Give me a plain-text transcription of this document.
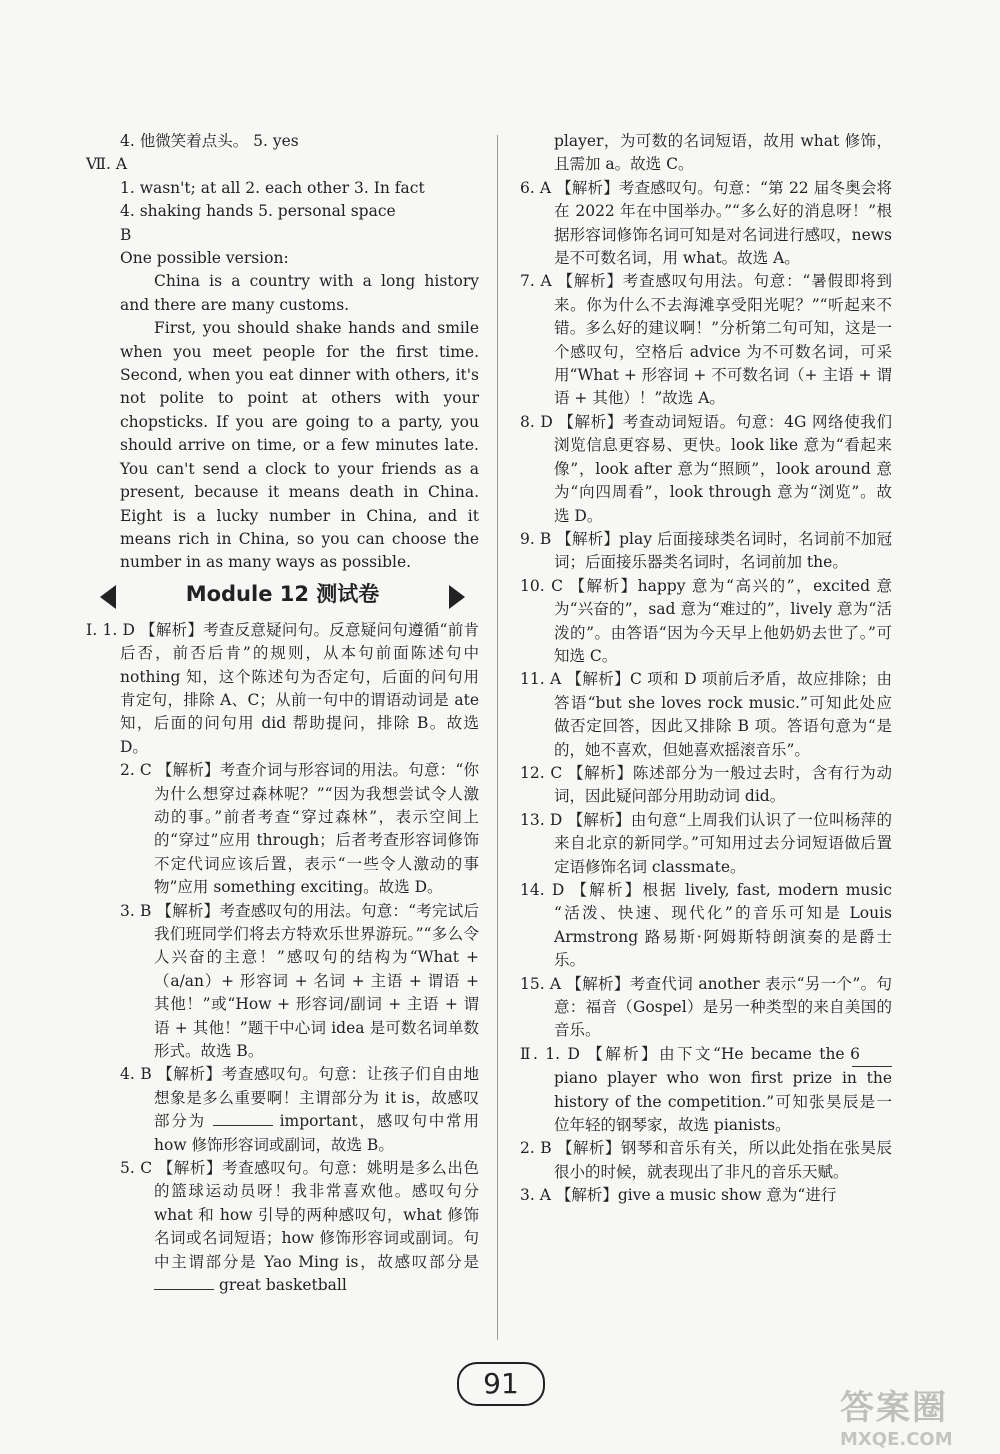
4. 他微笑着点头。 5. yes

Ⅶ. A

1. wasn't; at all 2. each other 3. In fact

4. shaking hands 5. personal space

B

One possible version:

China is a country with a long history and there are many customs.

First, you should shake hands and smile when you meet people for the first time. Second, when you eat dinner with others, it's not polite to point at others with your chopsticks. If you are going to a party, you should arrive on time, or a few minutes late. You can't send a clock to your friends as a present, because it means death in China. Eight is a lucky number in China, and it means rich in China, so you can choose the number in as many ways as possible.

Module 12 测试卷

Ⅰ. 1. D 【解析】考查反意疑问句。反意疑问句遵循“前肯后否，前否后肯”的规则，从本句前面陈述句中 nothing 知，这个陈述句为否定句，后面的问句用肯定句，排除 A、C；从前一句中的谓语动词是 ate 知，后面的问句用 did 帮助提问，排除 B。故选 D。

2. C 【解析】考查介词与形容词的用法。句意：“你为什么想穿过森林呢？”“因为我想尝试令人激动的事。”前者考查“穿过森林”，表示空间上的“穿过”应用 through；后者考查形容词修饰不定代词应该后置，表示“一些令人激动的事物”应用 something exciting。故选 D。

3. B 【解析】考查感叹句的用法。句意：“考完试后我们班同学们将去方特欢乐世界游玩。”“多么令人兴奋的主意！”感叹句的结构为“What +（a/an）+ 形容词 + 名词 + 主语 + 谓语 + 其他！”或“How + 形容词/副词 + 主语 + 谓语 + 其他！”题干中心词 idea 是可数名词单数形式。故选 B。

4. B 【解析】考查感叹句。句意：让孩子们自由地想象是多么重要啊！主谓部分为 it is，故感叹部分为	important，感叹句中常用 how 修饰形容词或副词，故选 B。

5. C 【解析】考查感叹句。句意：姚明是多么出色的篮球运动员呀！我非常喜欢他。感叹句分 what 和 how 引导的两种感叹句，what 修饰名词或名词短语；how 修饰形容词或副词。句中主谓部分是 Yao Ming is，故感叹部分是  great basketball

player，为可数的名词短语，故用 what 修饰，且需加 a。故选 C。

6. A 【解析】考查感叹句。句意：“第 22 届冬奥会将在 2022 年在中国举办。”“多么好的消息呀！”根据形容词修饰名词可知是对名词进行感叹，news 是不可数名词，用 what。故选 A。

7. A 【解析】考查感叹句用法。句意：“暑假即将到来。你为什么不去海滩享受阳光呢？”“听起来不错。多么好的建议啊！”分析第二句可知，这是一个感叹句，空格后 advice 为不可数名词，可采用“What + 形容词 + 不可数名词（+ 主语 + 谓语 + 其他）！”故选 A。

8. D 【解析】考查动词短语。句意：4G 网络使我们浏览信息更容易、更快。look like 意为“看起来像”，look after 意为“照顾”，look around 意为“向四周看”，look through 意为“浏览”。故选 D。

9. B 【解析】play 后面接球类名词时，名词前不加冠词；后面接乐器类名词时，名词前加 the。

10. C 【解析】happy 意为“高兴的”，excited 意为“兴奋的”，sad 意为“难过的”，lively 意为“活泼的”。由答语“因为今天早上他奶奶去世了。”可知选 C。

11. A 【解析】C 项和 D 项前后矛盾，故应排除；由答语“but she loves rock music.”可知此处应做否定回答，因此又排除 B 项。答语句意为“是的，她不喜欢，但她喜欢摇滚音乐”。

12. C 【解析】陈述部分为一般过去时，含有行为动词，因此疑问部分用助动词 did。

13. D 【解析】由句意“上周我们认识了一位叫杨萍的来自北京的新同学。”可知用过去分词短语做后置定语修饰名词 classmate。

14. D 【解析】根据 lively, fast, modern music “活泼、快速、现代化”的音乐可知是 Louis Armstrong 路易斯·阿姆斯特朗演奏的是爵士乐。

15. A 【解析】考查代词 another 表示“另一个”。句意：福音（Gospel）是另一种类型的来自美国的音乐。

Ⅱ. 1. D 【解析】由下文“He became the 6 piano player who won first prize in the history of the competition.”可知张昊辰是一位年轻的钢琴家，故选 pianists。

2. B 【解析】钢琴和音乐有关，所以此处指在张昊辰很小的时候，就表现出了非凡的音乐天赋。

3. A 【解析】give a music show 意为“进行

91
答案圈
MXQE.COM
